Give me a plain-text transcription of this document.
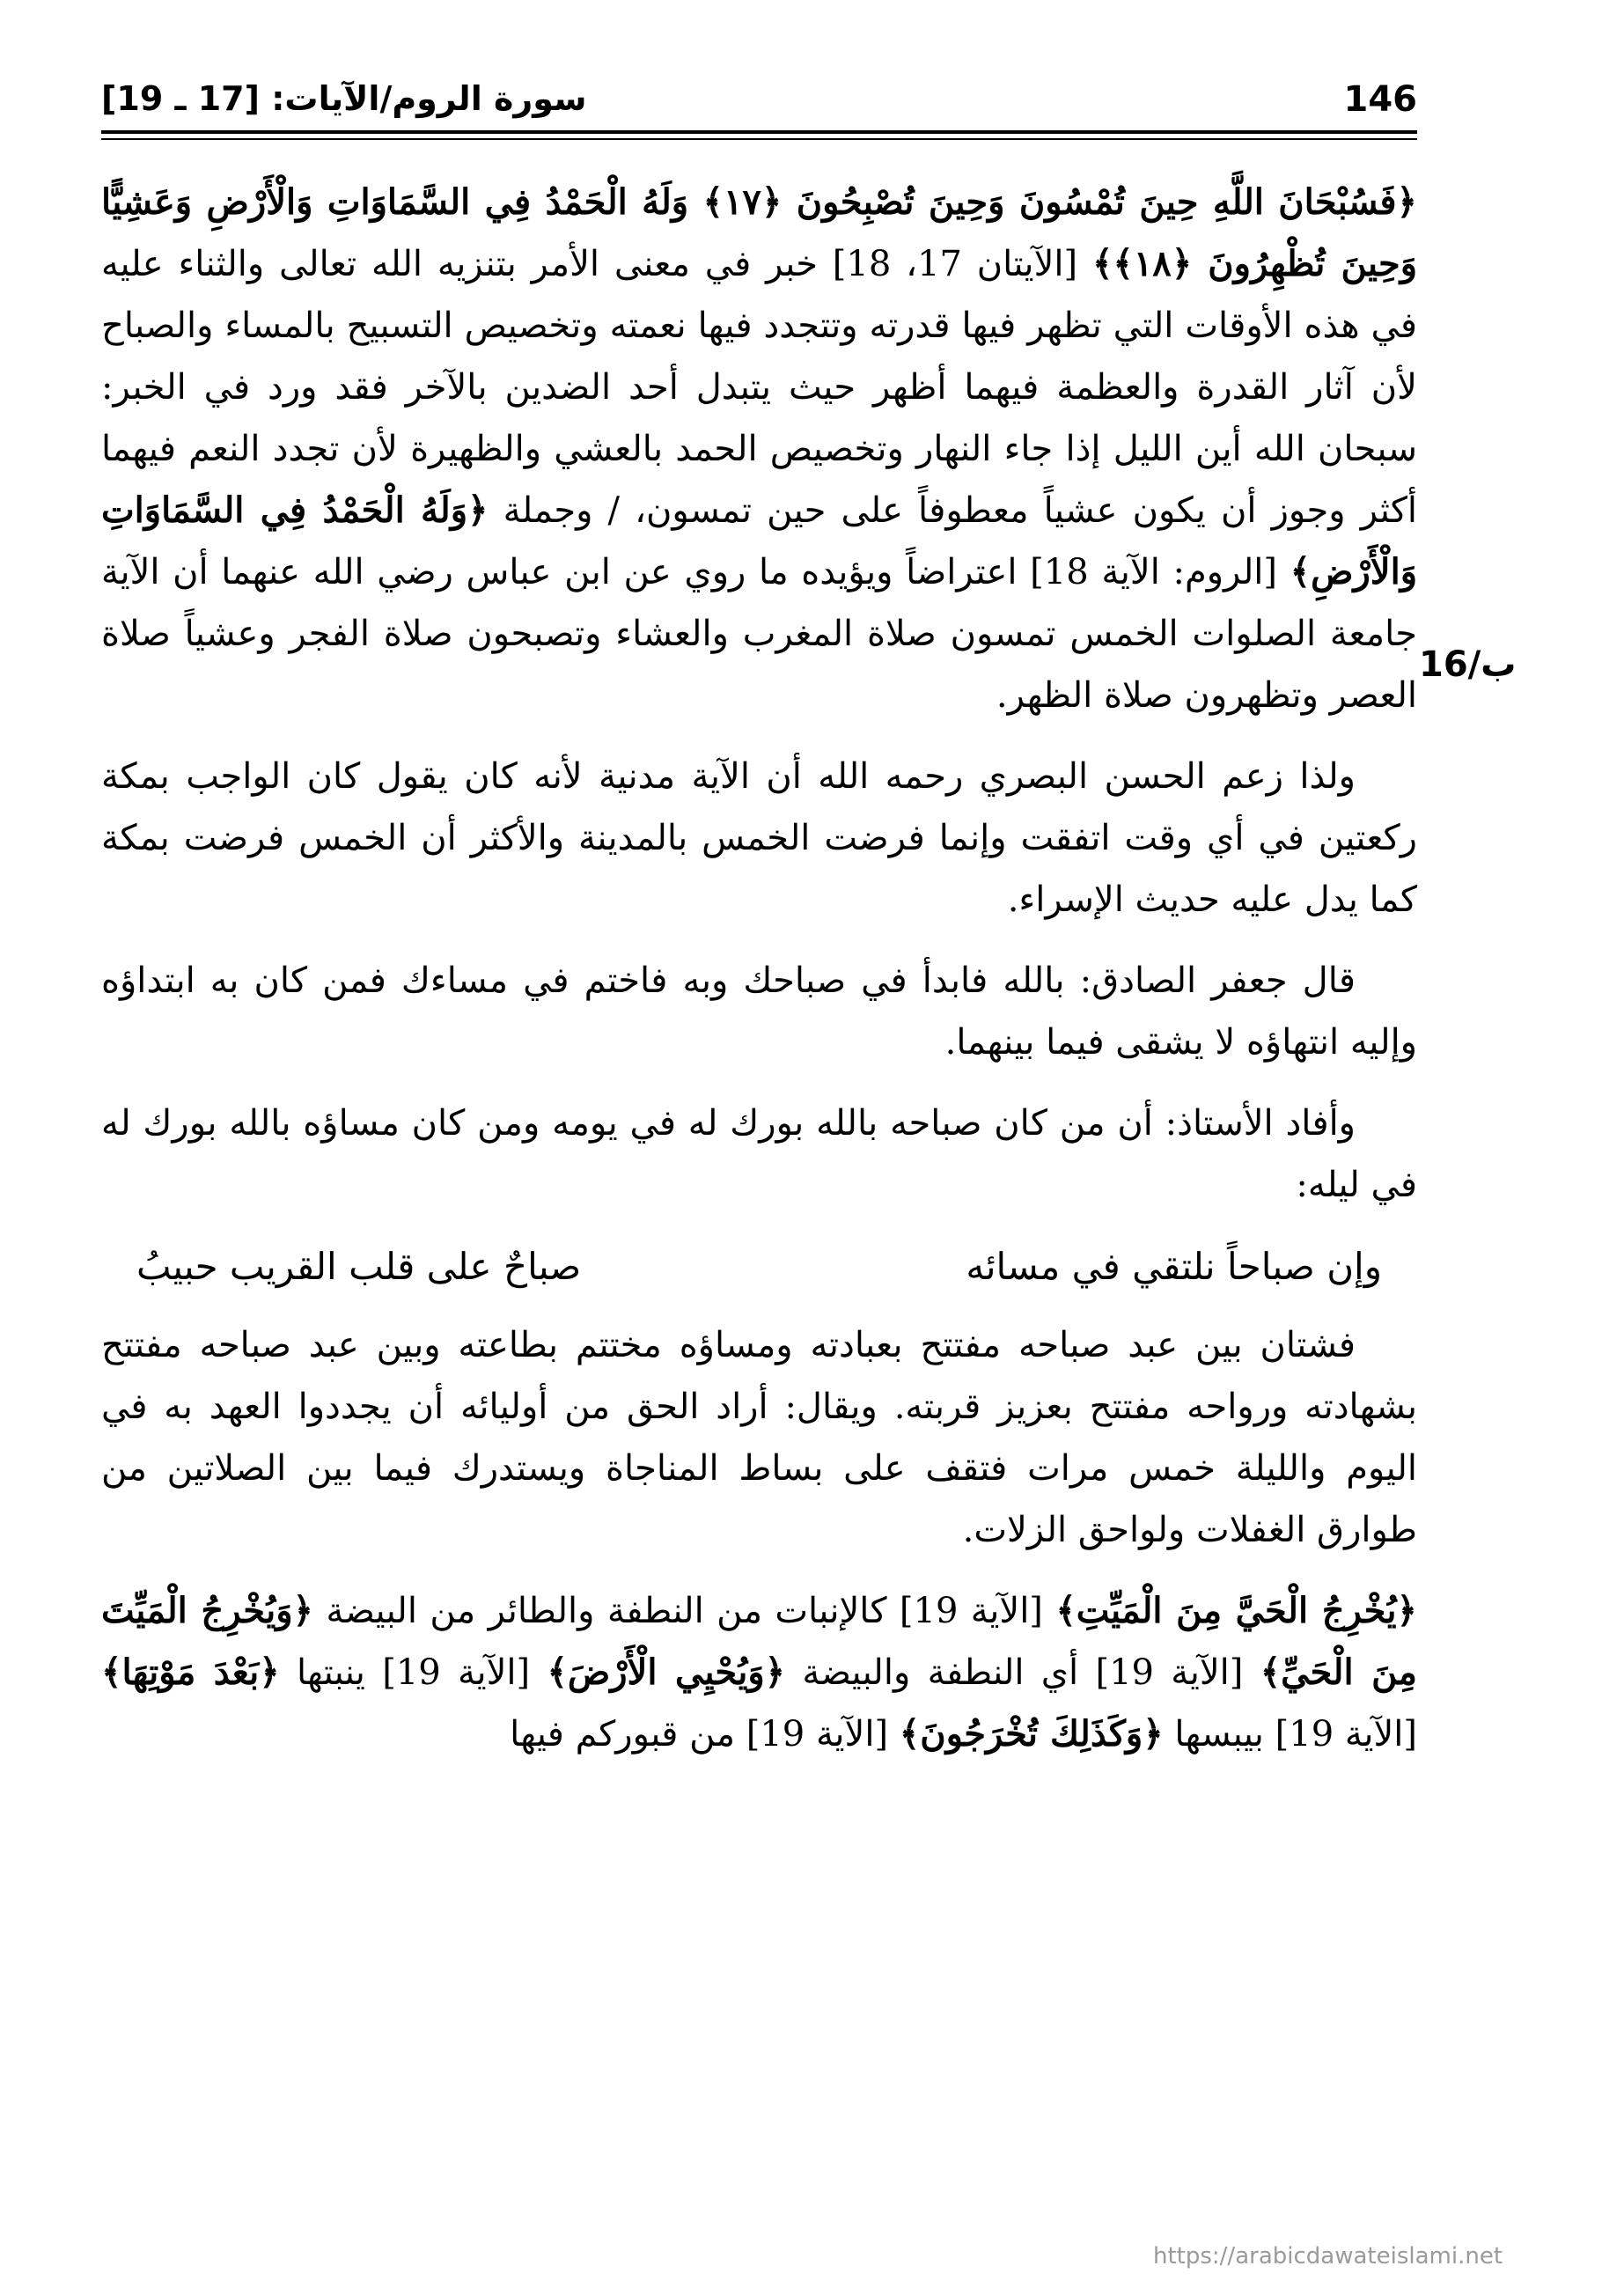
146
سورة الروم/الآيات: [17 ـ 19]
16/ب

﴿فَسُبْحَانَ اللَّهِ حِينَ تُمْسُونَ وَحِينَ تُصْبِحُونَ ﴿١٧﴾ وَلَهُ الْحَمْدُ فِي السَّمَاوَاتِ وَالْأَرْضِ وَعَشِيًّا وَحِينَ تُظْهِرُونَ ﴿١٨﴾﴾ [الآيتان 17، 18] خبر في معنى الأمر بتنزيه الله تعالى والثناء عليه في هذه الأوقات التي تظهر فيها قدرته وتتجدد فيها نعمته وتخصيص التسبيح بالمساء والصباح لأن آثار القدرة والعظمة فيهما أظهر حيث يتبدل أحد الضدين بالآخر فقد ورد في الخبر: سبحان الله أين الليل إذا جاء النهار وتخصيص الحمد بالعشي والظهيرة لأن تجدد النعم فيهما أكثر وجوز أن يكون عشياً معطوفاً على حين تمسون، / وجملة ﴿وَلَهُ الْحَمْدُ فِي السَّمَاوَاتِ وَالْأَرْضِ﴾ [الروم: الآية 18] اعتراضاً ويؤيده ما روي عن ابن عباس رضي الله عنهما أن الآية جامعة الصلوات الخمس تمسون صلاة المغرب والعشاء وتصبحون صلاة الفجر وعشياً صلاة العصر وتظهرون صلاة الظهر.

ولذا زعم الحسن البصري رحمه الله أن الآية مدنية لأنه كان يقول كان الواجب بمكة ركعتين في أي وقت اتفقت وإنما فرضت الخمس بالمدينة والأكثر أن الخمس فرضت بمكة كما يدل عليه حديث الإسراء.

قال جعفر الصادق: بالله فابدأ في صباحك وبه فاختم في مساءك فمن كان به ابتداؤه وإليه انتهاؤه لا يشقى فيما بينهما.

وأفاد الأستاذ: أن من كان صباحه بالله بورك له في يومه ومن كان مساؤه بالله بورك له في ليله:

وإن صباحاً نلتقي في مسائه
صباحٌ على قلب القريب حبيبُ

فشتان بين عبد صباحه مفتتح بعبادته ومساؤه مختتم بطاعته وبين عبد صباحه مفتتح بشهادته ورواحه مفتتح بعزيز قربته. ويقال: أراد الحق من أوليائه أن يجددوا العهد به في اليوم والليلة خمس مرات فتقف على بساط المناجاة ويستدرك فيما بين الصلاتين من طوارق الغفلات ولواحق الزلات.

﴿يُخْرِجُ الْحَيَّ مِنَ الْمَيِّتِ﴾ [الآية 19] كالإنبات من النطفة والطائر من البيضة ﴿وَيُخْرِجُ الْمَيِّتَ مِنَ الْحَيِّ﴾ [الآية 19] أي النطفة والبيضة ﴿وَيُحْيِي الْأَرْضَ﴾ [الآية 19] ينبتها ﴿بَعْدَ مَوْتِهَا﴾ [الآية 19] بيبسها ﴿وَكَذَلِكَ تُخْرَجُونَ﴾ [الآية 19] من قبوركم فيها

https://arabicdawateislami.net
